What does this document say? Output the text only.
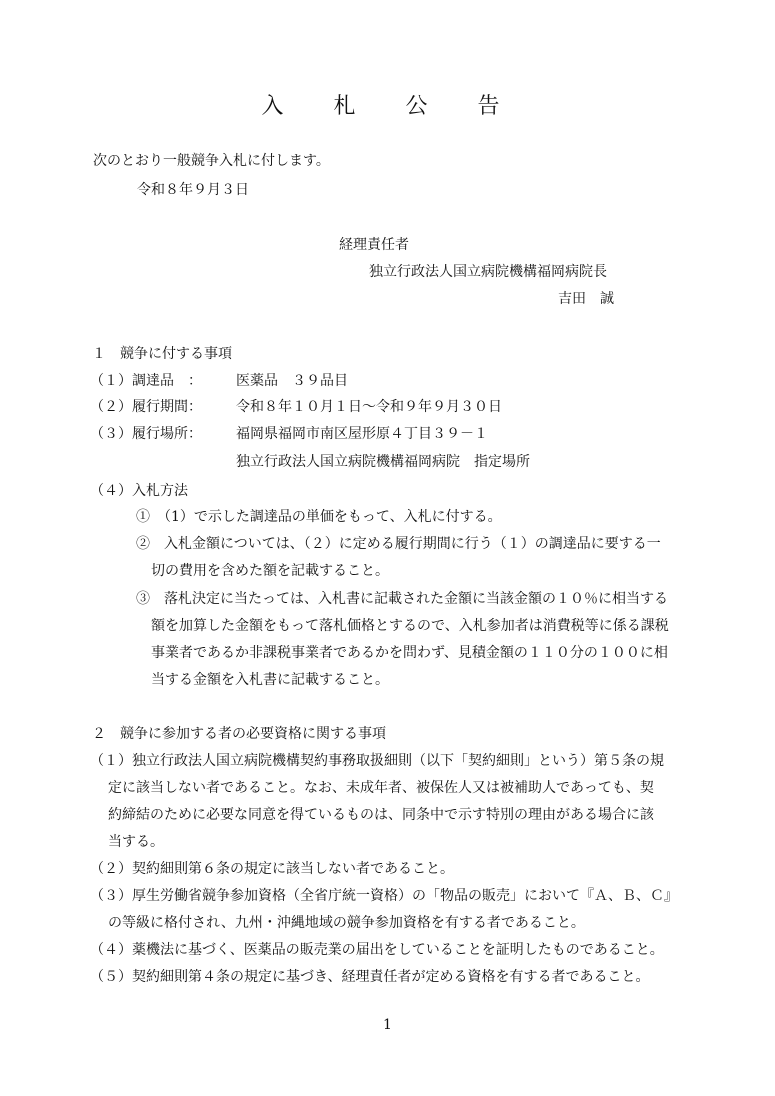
入　札　公　告
次のとおり一般競争入札に付します。
令和８年９月３日
経理責任者
独立行政法人国立病院機構福岡病院長
吉田　誠
１　競争に付する事項
（１）調達品　： 医薬品　３９品目
（２）履行期間： 令和８年１０月１日～令和９年９月３０日
（３）履行場所： 福岡県福岡市南区屋形原４丁目３９－１
独立行政法人国立病院機構福岡病院　指定場所
（４）入札方法
①　（1）で示した調達品の単価をもって、入札に付する。
②　入札金額については、（２）に定める履行期間に行う（１）の調達品に要する一
切の費用を含めた額を記載すること。
③　落札決定に当たっては、入札書に記載された金額に当該金額の１０％に相当する
額を加算した金額をもって落札価格とするので、入札参加者は消費税等に係る課税
事業者であるか非課税事業者であるかを問わず、見積金額の１１０分の１００に相
当する金額を入札書に記載すること。
２　競争に参加する者の必要資格に関する事項
（１）独立行政法人国立病院機構契約事務取扱細則（以下「契約細則」という）第５条の規
定に該当しない者であること。なお、未成年者、被保佐人又は被補助人であっても、契
約締結のために必要な同意を得ているものは、同条中で示す特別の理由がある場合に該
当する。
（２）契約細則第６条の規定に該当しない者であること。
（３）厚生労働省競争参加資格（全省庁統一資格）の「物品の販売」において『Ａ、Ｂ、Ｃ』
の等級に格付され、九州・沖縄地域の競争参加資格を有する者であること。
（４）薬機法に基づく、医薬品の販売業の届出をしていることを証明したものであること。
（５）契約細則第４条の規定に基づき、経理責任者が定める資格を有する者であること。
1
